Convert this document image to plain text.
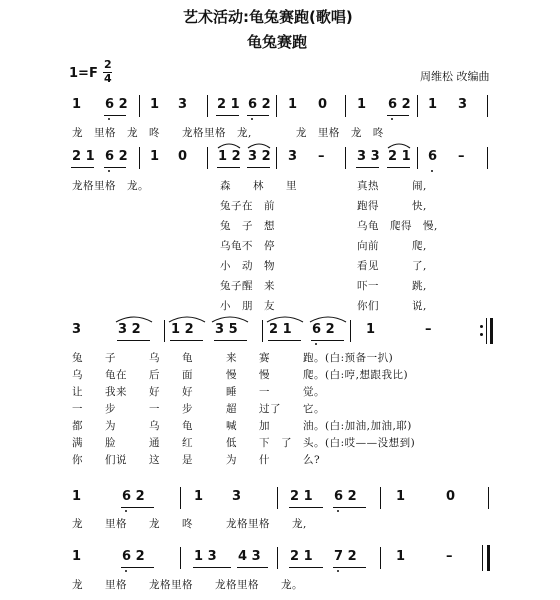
艺术活动:龟兔赛跑(歌唱)
龟兔赛跑
1=F
2
4	周维松 改编曲
1 6 2 1 3 2 1 6 2 1 0 1 6 2 1 3
龙　里格　龙　咚　　龙格里格　龙,　　　　龙　里格　龙　咚
2 1 6 2 1 0 1 2 3 2 3 –	3 3 2 1 6 –
龙格里格　龙。	森　　林　　里	真热　　　闹,
兔子在　前	跑得　　　快,
兔　子　想	乌龟　爬得　慢,
乌龟不　停	向前　　　爬,
小　动　物	看见　　　了,
兔子醒　来	吓一　　　跳,
小　朋　友	你们　　　说,
3	3 2 1 2 3 5 2 1 6 2 1	–
兔　　子　　　乌　　龟　　　来　　赛　　　跑。(白:预备一扒)
乌　　龟在　　后　　面　　　慢　　慢　　　爬。(白:哼,想跟我比)
让　　我来　　好　　好　　　睡　　一　　　觉。
一　　步　　　一　　步　　　超　　过了　　它。
都　　为　　　乌　　龟　　　喊　　加　　　油。(白:加油,加油,耶)
满　　脸　　　通　　红　　　低　　下　了　头。(白:哎——没想到)
你　　们说　　这　　是　　　为　　什　　　么?
1	6 2	1 3	2 1 6 2	1	0
龙　　里格　　龙　　咚　　　龙格里格　　龙,
1	6 2	1 3 4 3 2 1 7 2	1	–
龙　　里格　　龙格里格　　龙格里格　　龙。
